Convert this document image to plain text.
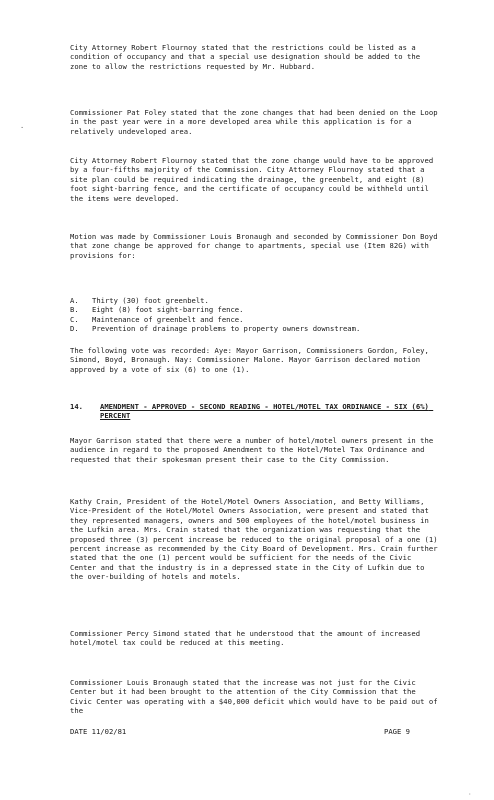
City Attorney Robert Flournoy stated that the restrictions could be listed as a condition of occupancy and that a special use designation should be added to the zone to allow the restrictions requested by Mr. Hubbard.

Commissioner Pat Foley stated that the zone changes that had been denied on the Loop in the past year were in a more developed area while this application is for a relatively undeveloped area.

·

City Attorney Robert Flournoy stated that the zone change would have to be approved by a four-fifths majority of the Commission. City Attorney Flournoy stated that a site plan could be required indicating the drainage, the greenbelt, and eight (8) foot sight-barring fence, and the certificate of occupancy could be withheld until the items were developed.

Motion was made by Commissioner Louis Bronaugh and seconded by Commissioner Don Boyd that zone change be approved for change to apartments, special use (Item 82G) with provisions for:

A.	Thirty (30) foot greenbelt.
B.	Eight (8) foot sight-barring fence.
C.	Maintenance of greenbelt and fence.
D.	Prevention of drainage problems to property owners downstream.

The following vote was recorded: Aye: Mayor Garrison, Commissioners Gordon, Foley, Simond, Boyd, Bronaugh. Nay: Commissioner Malone. Mayor Garrison declared motion approved by a vote of six (6) to one (1).

14. AMENDMENT - APPROVED - SECOND READING - HOTEL/MOTEL TAX ORDINANCE - SIX (6%) PERCENT

Mayor Garrison stated that there were a number of hotel/motel owners present in the audience in regard to the proposed Amendment to the Hotel/Motel Tax Ordinance and requested that their spokesman present their case to the City Commission.

Kathy Crain, President of the Hotel/Motel Owners Association, and Betty Williams, Vice-President of the Hotel/Motel Owners Association, were present and stated that they represented managers, owners and 500 employees of the hotel/motel business in the Lufkin area. Mrs. Crain stated that the organization was requesting that the proposed three (3) percent increase be reduced to the original proposal of a one (1) percent increase as recommended by the City Board of Development. Mrs. Crain further stated that the one (1) percent would be sufficient for the needs of the Civic Center and that the industry is in a depressed state in the City of Lufkin due to the over-building of hotels and motels.

Commissioner Percy Simond stated that he understood that the amount of increased hotel/motel tax could be reduced at this meeting.

Commissioner Louis Bronaugh stated that the increase was not just for the Civic Center but it had been brought to the attention of the City Commission that the Civic Center was operating with a $40,000 deficit which would have to be paid out of the

DATE 11/02/81	PAGE 9
·
